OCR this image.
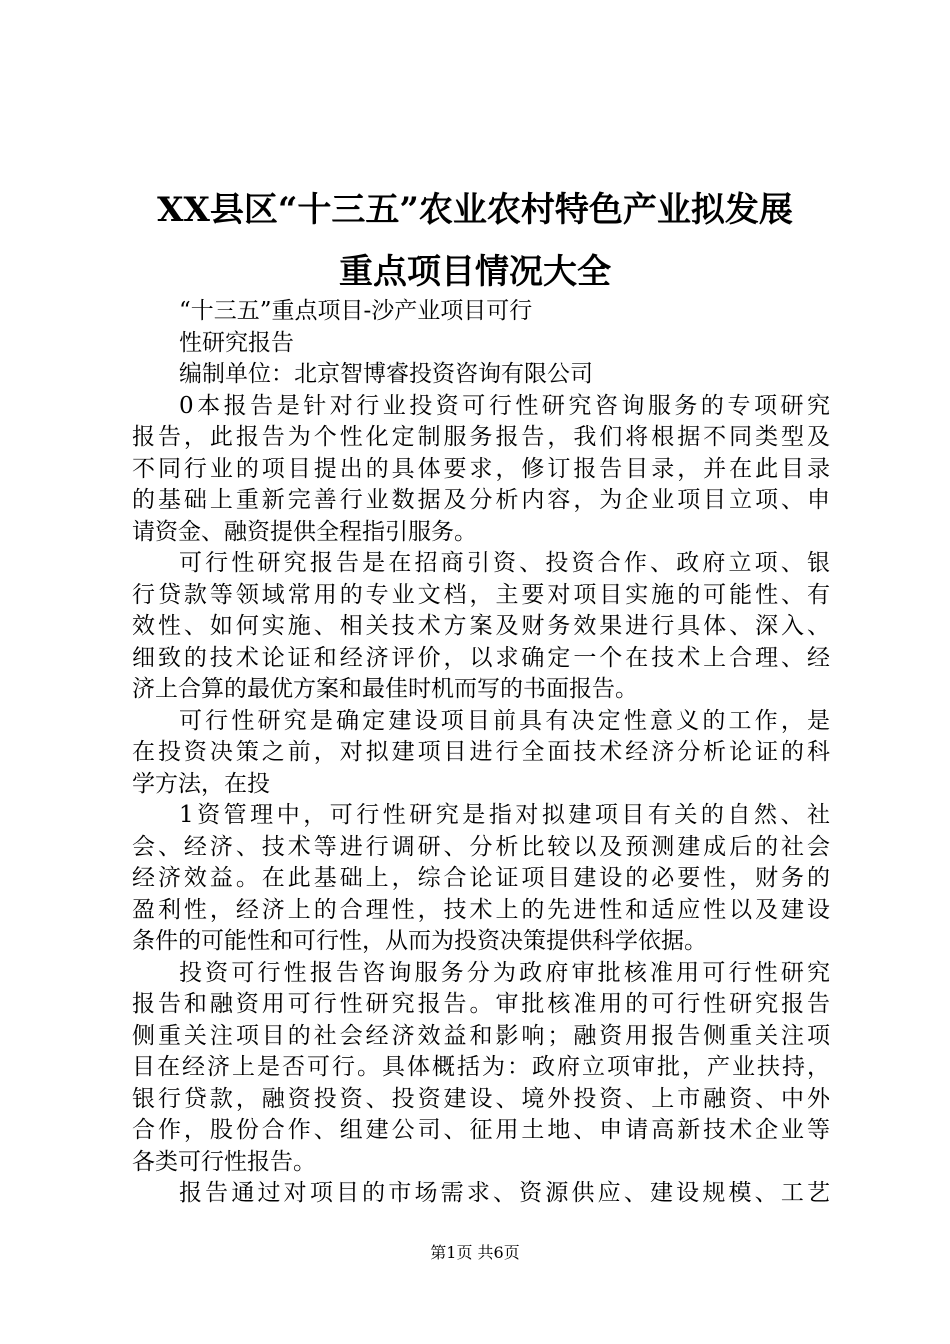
XX县区“十三五”农业农村特色产业拟发展
重点项目情况大全
“十三五”重点项目-沙产业项目可行
性研究报告
编制单位：北京智博睿投资咨询有限公司
0本报告是针对行业投资可行性研究咨询服务的专项研究
报告，此报告为个性化定制服务报告，我们将根据不同类型及
不同行业的项目提出的具体要求，修订报告目录，并在此目录
的基础上重新完善行业数据及分析内容，为企业项目立项、申
请资金、融资提供全程指引服务。
可行性研究报告是在招商引资、投资合作、政府立项、银
行贷款等领域常用的专业文档，主要对项目实施的可能性、有
效性、如何实施、相关技术方案及财务效果进行具体、深入、
细致的技术论证和经济评价，以求确定一个在技术上合理、经
济上合算的最优方案和最佳时机而写的书面报告。
可行性研究是确定建设项目前具有决定性意义的工作，是
在投资决策之前，对拟建项目进行全面技术经济分析论证的科
学方法，在投
1资管理中，可行性研究是指对拟建项目有关的自然、社
会、经济、技术等进行调研、分析比较以及预测建成后的社会
经济效益。在此基础上，综合论证项目建设的必要性，财务的
盈利性，经济上的合理性，技术上的先进性和适应性以及建设
条件的可能性和可行性，从而为投资决策提供科学依据。
投资可行性报告咨询服务分为政府审批核准用可行性研究
报告和融资用可行性研究报告。审批核准用的可行性研究报告
侧重关注项目的社会经济效益和影响；融资用报告侧重关注项
目在经济上是否可行。具体概括为：政府立项审批，产业扶持，
银行贷款，融资投资、投资建设、境外投资、上市融资、中外
合作，股份合作、组建公司、征用土地、申请高新技术企业等
各类可行性报告。
报告通过对项目的市场需求、资源供应、建设规模、工艺
第1页 共6页
